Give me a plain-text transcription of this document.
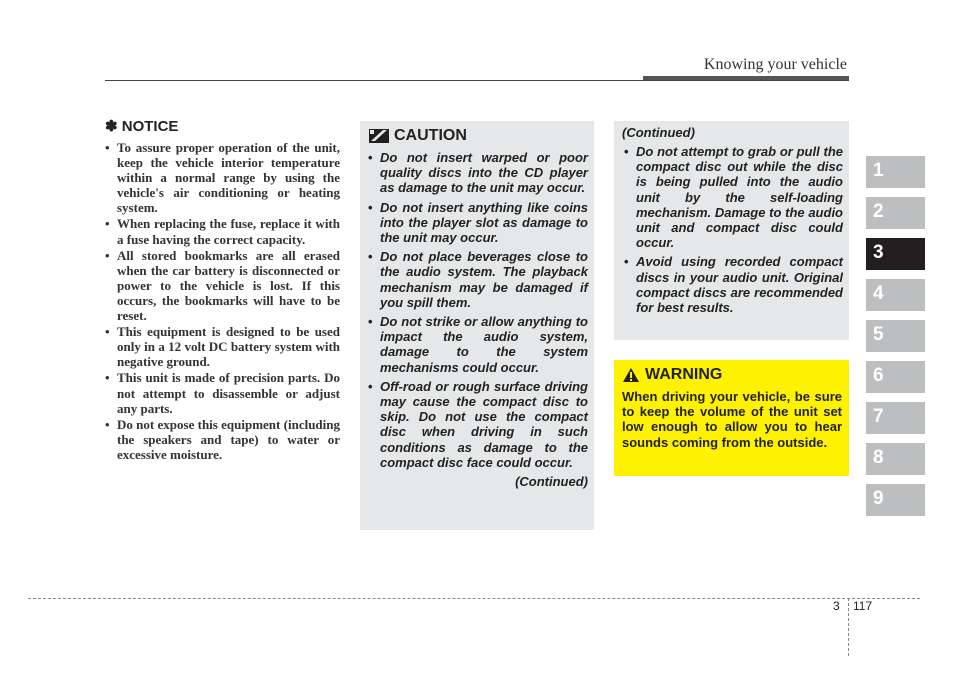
Knowing your vehicle
✽ NOTICE
• To assure proper operation of the unit, keep the vehicle interior temperature within a normal range by using the vehicle's air conditioning or heating system.
• When replacing the fuse, replace it with a fuse having the correct capacity.
• All stored bookmarks are all erased when the car battery is disconnected or power to the vehicle is lost. If this occurs, the bookmarks will have to be reset.
• This equipment is designed to be used only in a 12 volt DC battery system with negative ground.
• This unit is made of precision parts. Do not attempt to disassemble or adjust any parts.
• Do not expose this equipment (including the speakers and tape) to water or excessive moisture.
CAUTION
• Do not insert warped or poor quality discs into the CD player as damage to the unit may occur.
• Do not insert anything like coins into the player slot as damage to the unit may occur.
• Do not place beverages close to the audio system. The playback mechanism may be damaged if you spill them.
• Do not strike or allow anything to impact the audio system, damage to the system mechanisms could occur.
• Off-road or rough surface driving may cause the compact disc to skip. Do not use the compact disc when driving in such conditions as damage to the compact disc face could occur.
(Continued)
(Continued)
• Do not attempt to grab or pull the compact disc out while the disc is being pulled into the audio unit by the self-loading mechanism. Damage to the audio unit and compact disc could occur.
• Avoid using recorded compact discs in your audio unit. Original compact discs are recommended for best results.
WARNING
When driving your vehicle, be sure to keep the volume of the unit set low enough to allow you to hear sounds coming from the outside.
1
2
3
4
5
6
7
8
9
3 117
